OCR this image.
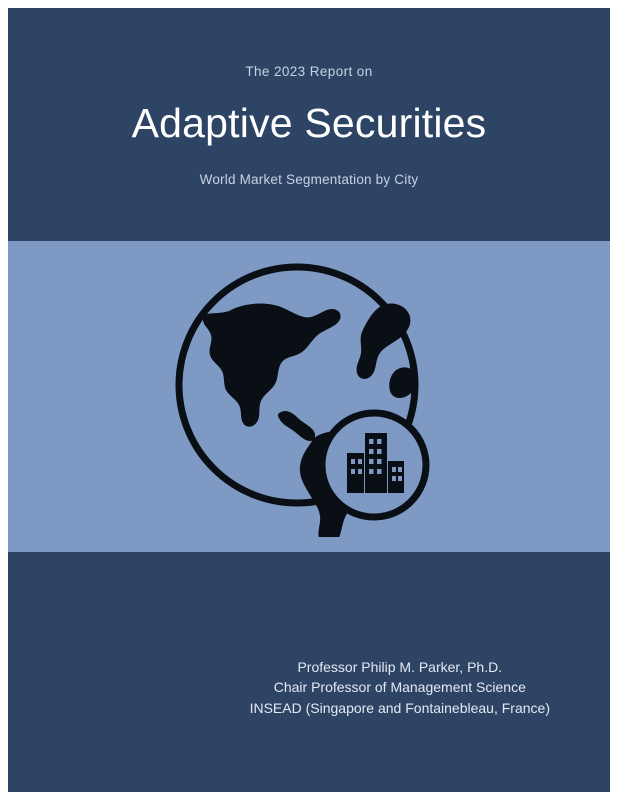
The 2023 Report on

Adaptive Securities

World Market Segmentation by City

Professor Philip M. Parker, Ph.D.
Chair Professor of Management Science
INSEAD (Singapore and Fontainebleau, France)
